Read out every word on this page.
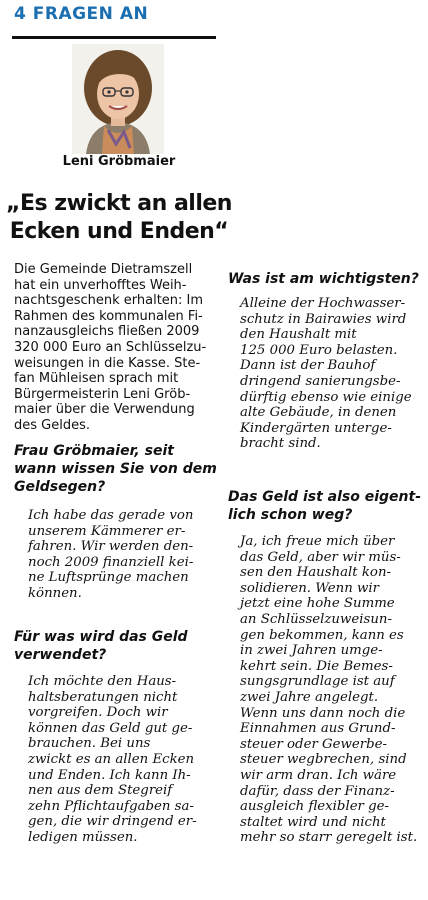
4 FRAGEN AN
Leni Gröbmaier
„Es zwickt an allen
Ecken und Enden“
Die Gemeinde Dietramszell
hat ein unverhofftes Weih-
nachtsgeschenk erhalten: Im
Rahmen des kommunalen Fi-
nanzausgleichs fließen 2009
320 000 Euro an Schlüsselzu-
weisungen in die Kasse. Ste-
fan Mühleisen sprach mit
Bürgermeisterin Leni Gröb-
maier über die Verwendung
des Geldes.
Frau Gröbmaier, seit
wann wissen Sie von dem
Geldsegen?
Ich habe das gerade von
unserem Kämmerer er-
fahren. Wir werden den-
noch 2009 finanziell kei-
ne Luftsprünge machen
können.
Für was wird das Geld
verwendet?
Ich möchte den Haus-
haltsberatungen nicht
vorgreifen. Doch wir
können das Geld gut ge-
brauchen. Bei uns
zwickt es an allen Ecken
und Enden. Ich kann Ih-
nen aus dem Stegreif
zehn Pflichtaufgaben sa-
gen, die wir dringend er-
ledigen müssen.
Was ist am wichtigsten?
Alleine der Hochwasser-
schutz in Bairawies wird
den Haushalt mit
125 000 Euro belasten.
Dann ist der Bauhof
dringend sanierungsbe-
dürftig ebenso wie einige
alte Gebäude, in denen
Kindergärten unterge-
bracht sind.
Das Geld ist also eigent-
lich schon weg?
Ja, ich freue mich über
das Geld, aber wir müs-
sen den Haushalt kon-
solidieren. Wenn wir
jetzt eine hohe Summe
an Schlüsselzuweisun-
gen bekommen, kann es
in zwei Jahren umge-
kehrt sein. Die Bemes-
sungsgrundlage ist auf
zwei Jahre angelegt.
Wenn uns dann noch die
Einnahmen aus Grund-
steuer oder Gewerbe-
steuer wegbrechen, sind
wir arm dran. Ich wäre
dafür, dass der Finanz-
ausgleich flexibler ge-
staltet wird und nicht
mehr so starr geregelt ist.
